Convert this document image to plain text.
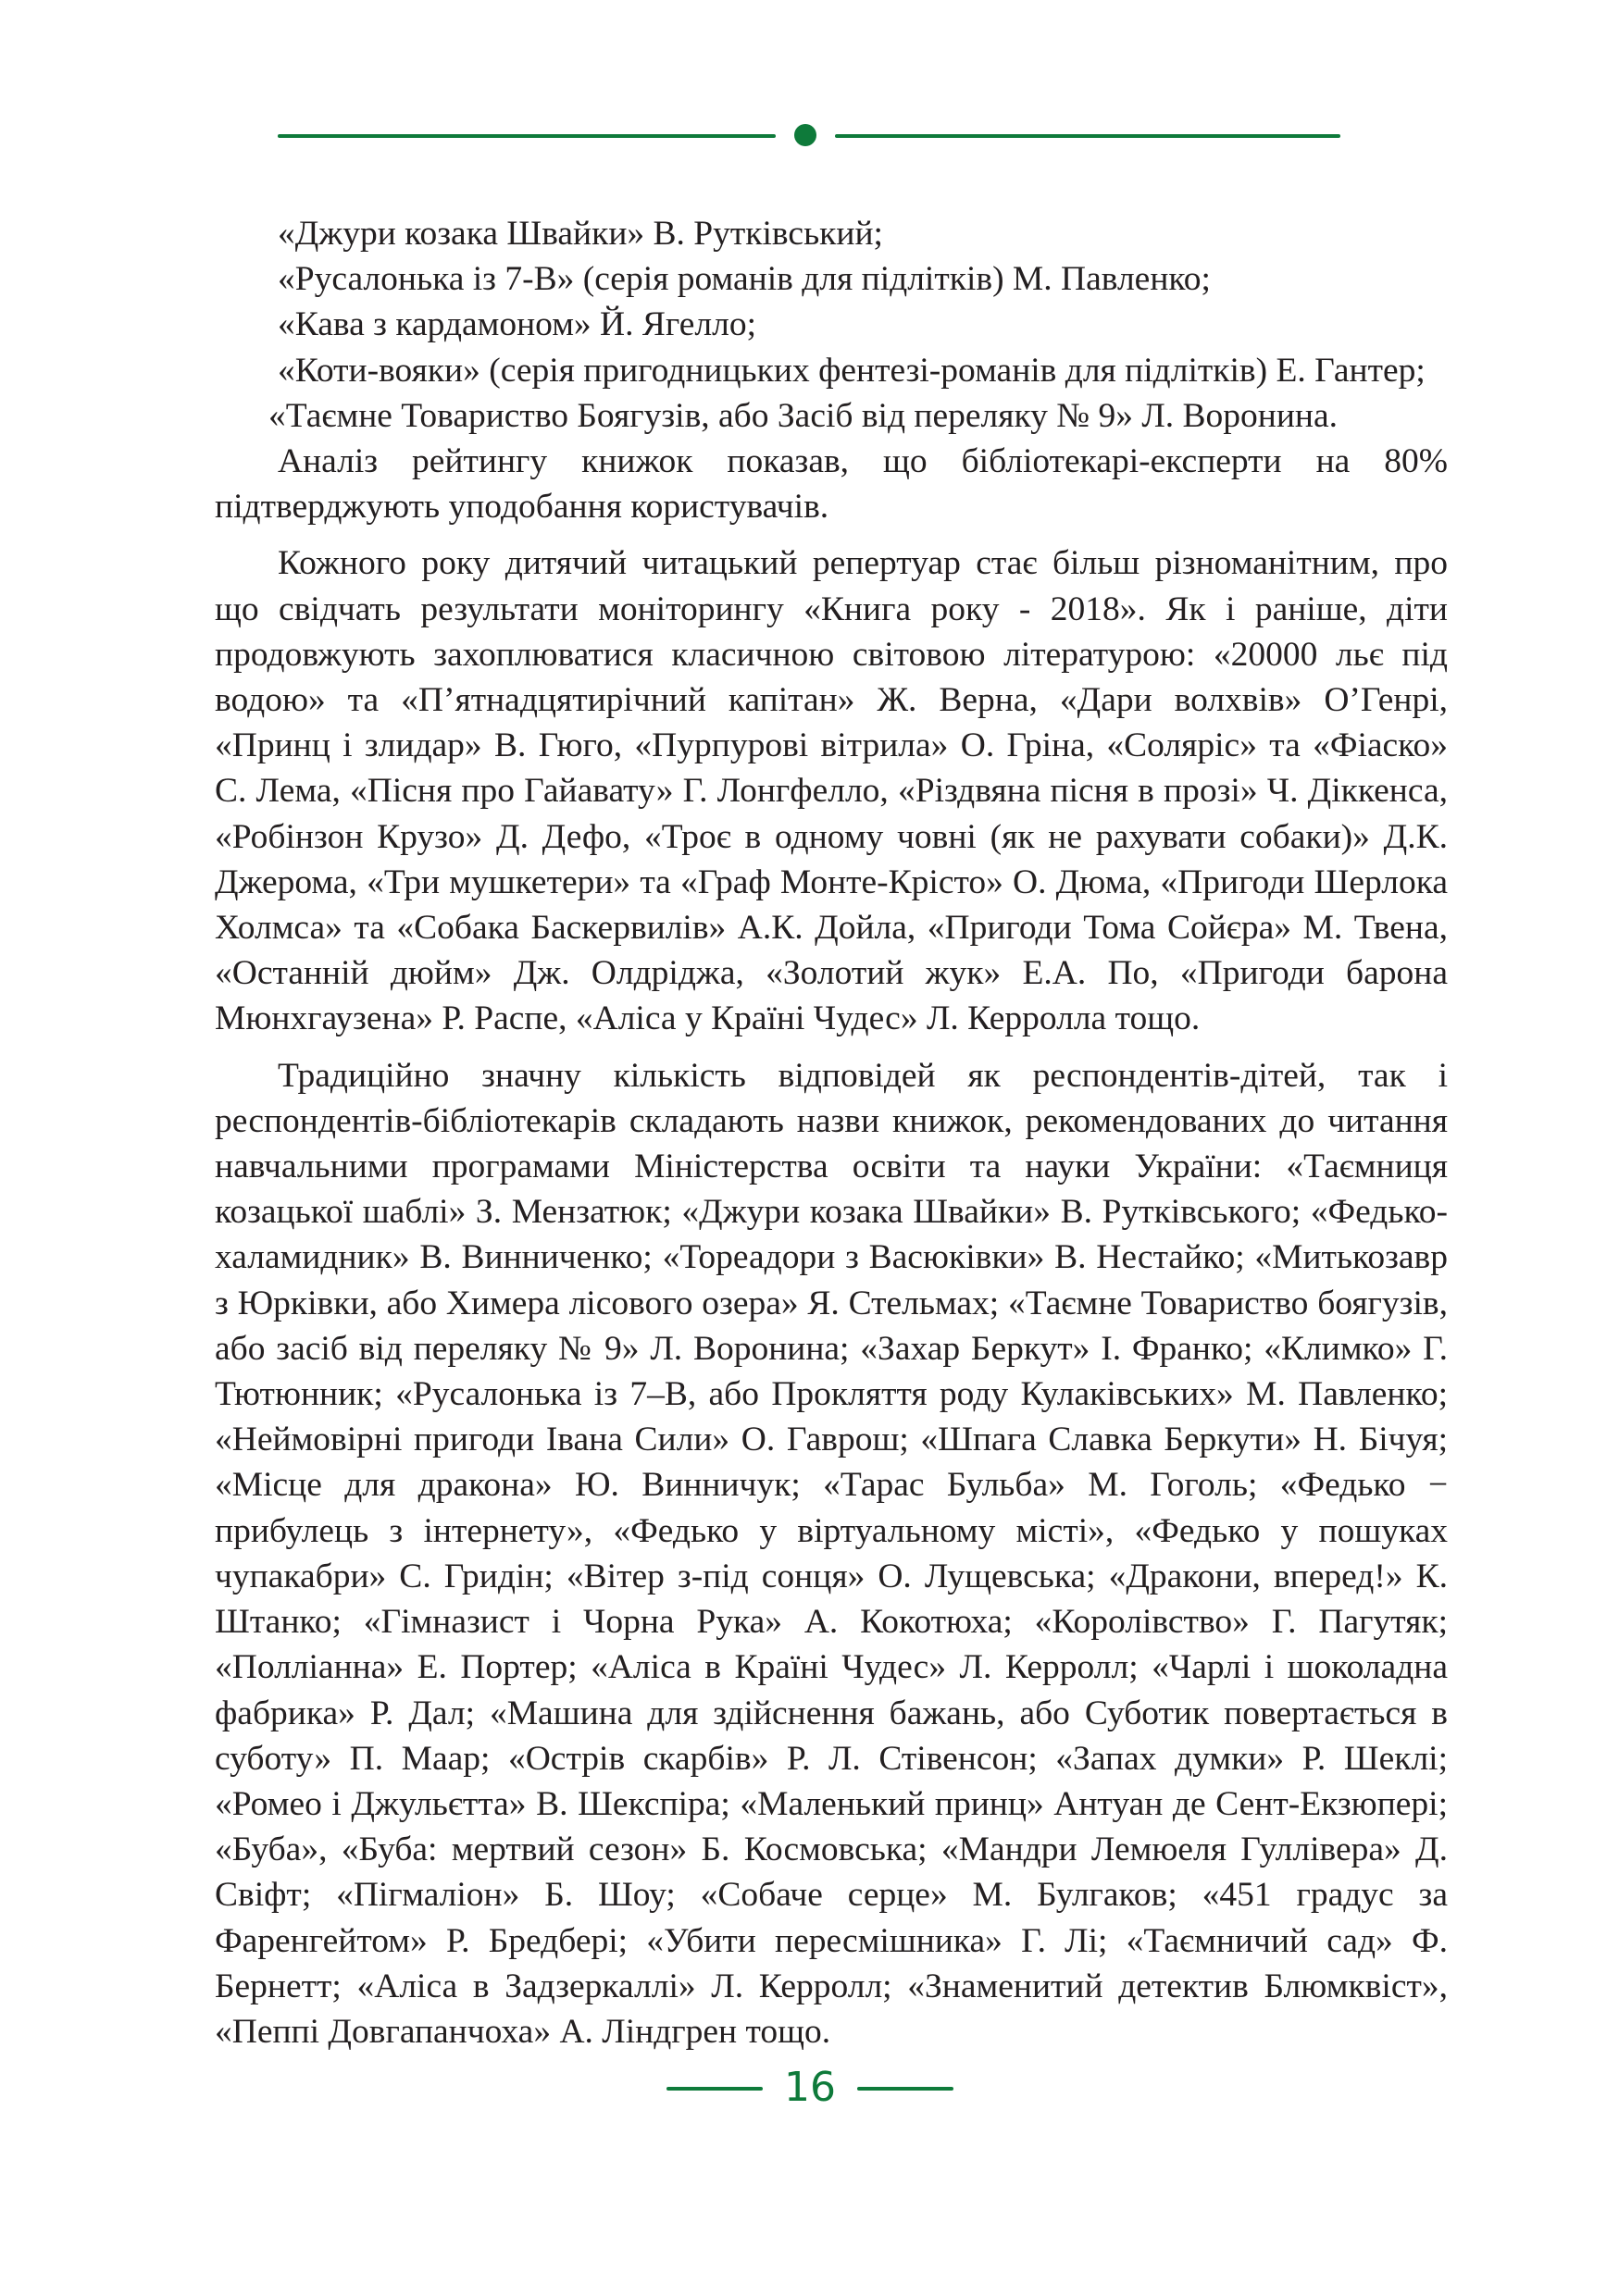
«Джури козака Швайки» В. Рутківський;
«Русалонька із 7-В» (серія романів для підлітків) М. Павленко;
«Кава з кардамоном» Й. Ягелло;
«Коти-вояки» (серія пригодницьких фентезі-романів для підлітків) Е. Гантер;
«Таємне Товариство Боягузів, або Засіб від переляку № 9» Л. Воронина.
Аналіз рейтингу книжок показав, що бібліотекарі-експерти на 80% підтверджують уподобання користувачів.
Кожного року дитячий читацький репертуар стає більш різноманітним, про що свідчать результати моніторингу «Книга року - 2018». Як і раніше, діти продовжують захоплюватися класичною світовою літературою: «20000 льє під водою» та «П’ятнадцятирічний капітан» Ж. Верна, «Дари волхвів» О’Генрі, «Принц і злидар» В. Гюго, «Пурпурові вітрила» О. Гріна, «Соляріс» та «Фіаско» С. Лема, «Пісня про Гайавату» Г. Лонгфелло, «Різдвяна пісня в прозі» Ч. Діккенса, «Робінзон Крузо» Д. Дефо, «Троє в одному човні (як не рахувати собаки)» Д.К. Джерома, «Три мушкетери» та «Граф Монте-Крісто» О. Дюма, «Пригоди Шерлока Холмса» та «Собака Баскервилів» А.К. Дойла, «Пригоди Тома Сойєра» М. Твена, «Останній дюйм» Дж. Олдріджа, «Золотий жук» Е.А. По, «Пригоди барона Мюнхгаузена» Р. Распе, «Аліса у Країні Чудес» Л. Керролла тощо.
Традиційно значну кількість відповідей як респондентів-дітей, так і респондентів-бібліотекарів складають назви книжок, рекомендованих до читання навчальними програмами Міністерства освіти та науки України: «Таємниця козацької шаблі» З. Мензатюк; «Джури козака Швайки» В. Рутківського; «Федько-халамидник» В. Винниченко; «Тореадори з Васюківки» В. Нестайко; «Митькозавр з Юрківки, або Химера лісового озера» Я. Стельмах; «Таємне Товариство боягузів, або засіб від переляку № 9» Л. Воронина; «Захар Беркут» І. Франко; «Климко» Г. Тютюнник; «Русалонька із 7–В, або Прокляття роду Кулаківських» М. Павленко; «Неймовірні пригоди Івана Сили» О. Гаврош; «Шпага Славка Беркути» Н. Бічуя; «Місце для дракона» Ю. Винничук; «Тарас Бульба» М. Гоголь; «Федько − прибулець з інтернету», «Федько у віртуальному місті», «Федько у пошуках чупакабри» С. Гридін; «Вітер з-під сонця» О. Лущевська; «Дракони, вперед!» К. Штанко; «Гімназист і Чорна Рука» А. Кокотюха; «Королівство» Г. Пагутяк; «Полліанна» Е. Портер; «Аліса в Країні Чудес» Л. Керролл; «Чарлі і шоколадна фабрика» Р. Дал; «Машина для здійснення бажань, або Суботик повертається в суботу» П. Маар; «Острів скарбів» Р. Л. Стівенсон; «Запах думки» Р. Шеклі; «Ромео і Джульєтта» В. Шекспіра; «Маленький принц» Антуан де Сент-Екзюпері; «Буба», «Буба: мертвий сезон» Б. Космовська; «Мандри Лемюеля Гуллівера» Д. Свіфт; «Пігмаліон» Б. Шоу; «Собаче серце» М. Булгаков; «451 градус за Фаренгейтом» Р. Бредбері; «Убити пересмішника» Г. Лі; «Таємничий сад» Ф. Бернетт; «Аліса в Задзеркаллі» Л. Керролл; «Знаменитий детектив Блюмквіст», «Пеппі Довгапанчоха» А. Ліндгрен тощо.
16
